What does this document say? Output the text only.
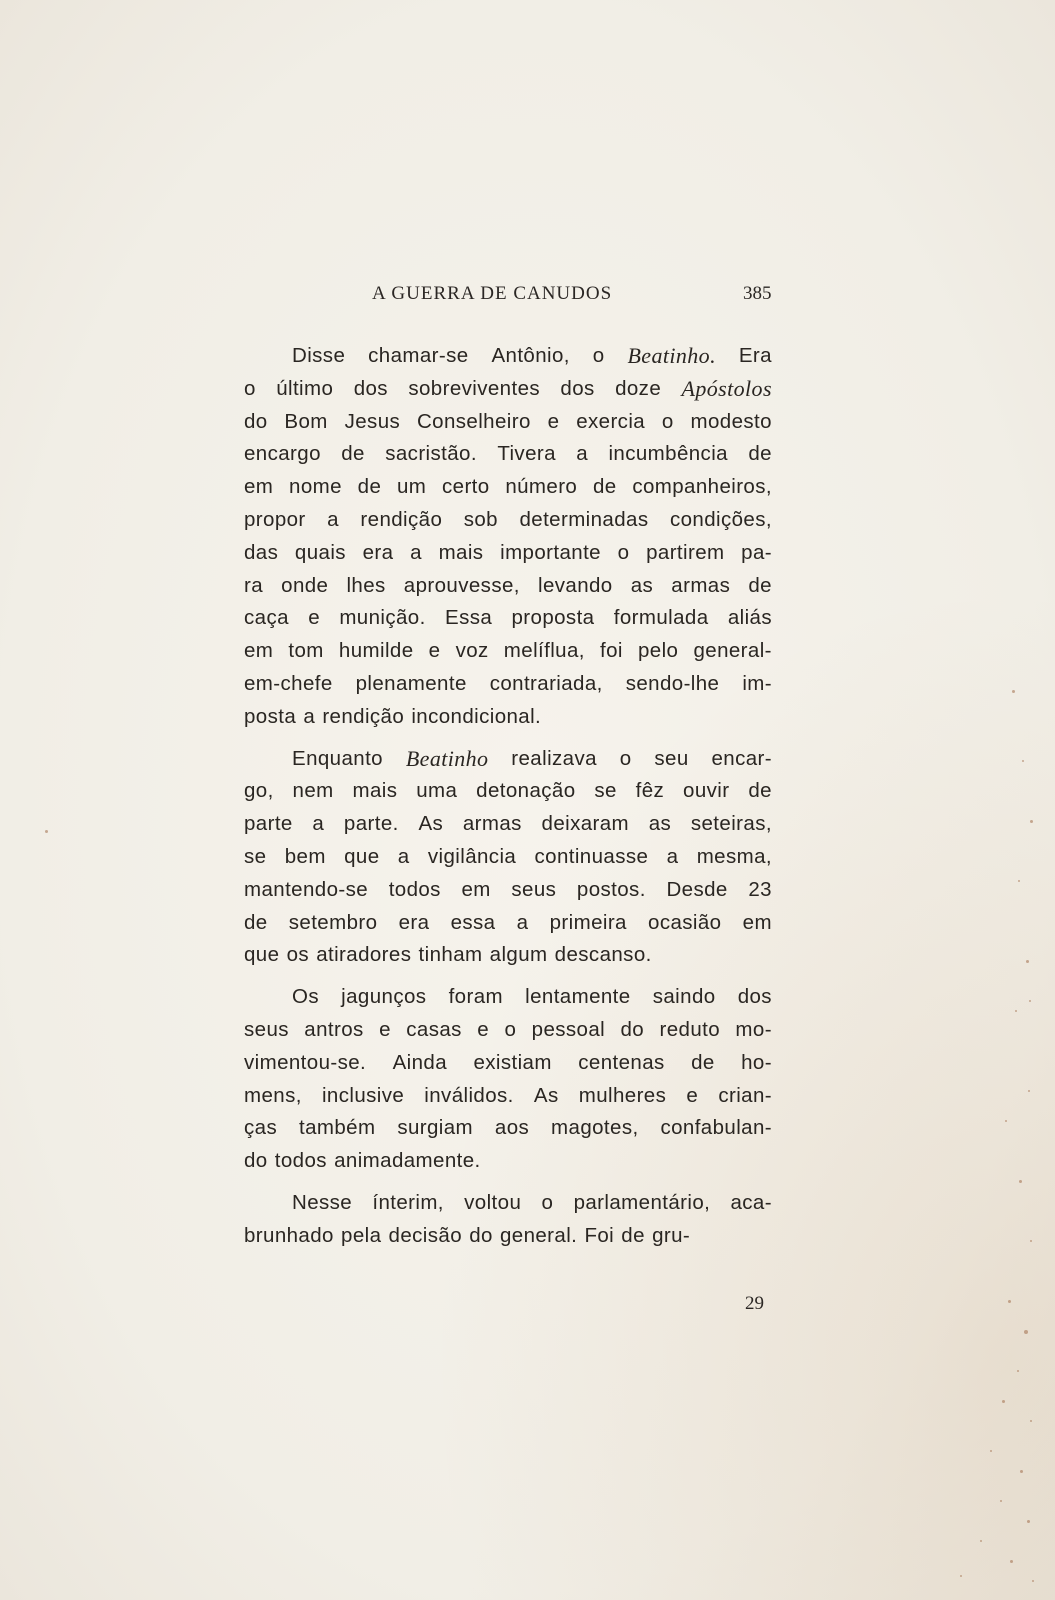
A GUERRA DE CANUDOS	385
Disse chamar-se Antônio, o Beatinho. Era
o último dos sobreviventes dos doze Apóstolos
do Bom Jesus Conselheiro e exercia o modesto
encargo de sacristão. Tivera a incumbência de
em nome de um certo número de companheiros,
propor a rendição sob determinadas condições,
das quais era a mais importante o partirem pa-
ra onde lhes aprouvesse, levando as armas de
caça e munição. Essa proposta formulada aliás
em tom humilde e voz melíflua, foi pelo general-
em-chefe plenamente contrariada, sendo-lhe im-
posta a rendição incondicional.
Enquanto Beatinho realizava o seu encar-
go, nem mais uma detonação se fêz ouvir de
parte a parte. As armas deixaram as seteiras,
se bem que a vigilância continuasse a mesma,
mantendo-se todos em seus postos. Desde 23
de setembro era essa a primeira ocasião em
que os atiradores tinham algum descanso.
Os jagunços foram lentamente saindo dos
seus antros e casas e o pessoal do reduto mo-
vimentou-se. Ainda existiam centenas de ho-
mens, inclusive inválidos. As mulheres e crian-
ças também surgiam aos magotes, confabulan-
do todos animadamente.
Nesse ínterim, voltou o parlamentário, aca-
brunhado pela decisão do general. Foi de gru-
29
